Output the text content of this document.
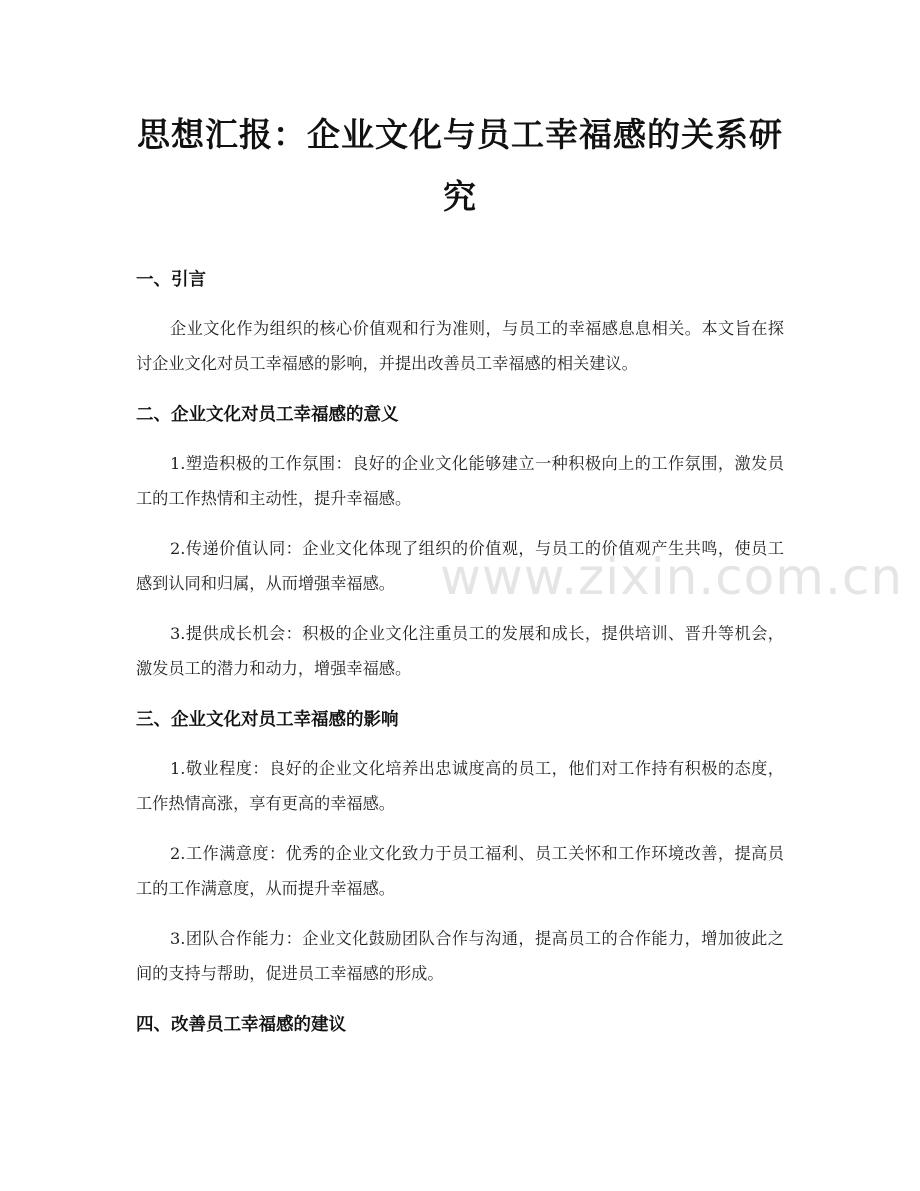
思想汇报：企业文化与员工幸福感的关系研究
一、引言

企业文化作为组织的核心价值观和行为准则，与员工的幸福感息息相关。本文旨在探讨企业文化对员工幸福感的影响，并提出改善员工幸福感的相关建议。

二、企业文化对员工幸福感的意义

1.塑造积极的工作氛围：良好的企业文化能够建立一种积极向上的工作氛围，激发员工的工作热情和主动性，提升幸福感。

2.传递价值认同：企业文化体现了组织的价值观，与员工的价值观产生共鸣，使员工感到认同和归属，从而增强幸福感。

3.提供成长机会：积极的企业文化注重员工的发展和成长，提供培训、晋升等机会，激发员工的潜力和动力，增强幸福感。

三、企业文化对员工幸福感的影响

1.敬业程度：良好的企业文化培养出忠诚度高的员工，他们对工作持有积极的态度，工作热情高涨，享有更高的幸福感。

2.工作满意度：优秀的企业文化致力于员工福利、员工关怀和工作环境改善，提高员工的工作满意度，从而提升幸福感。

3.团队合作能力：企业文化鼓励团队合作与沟通，提高员工的合作能力，增加彼此之间的支持与帮助，促进员工幸福感的形成。

四、改善员工幸福感的建议
www.zixin.com.cn
